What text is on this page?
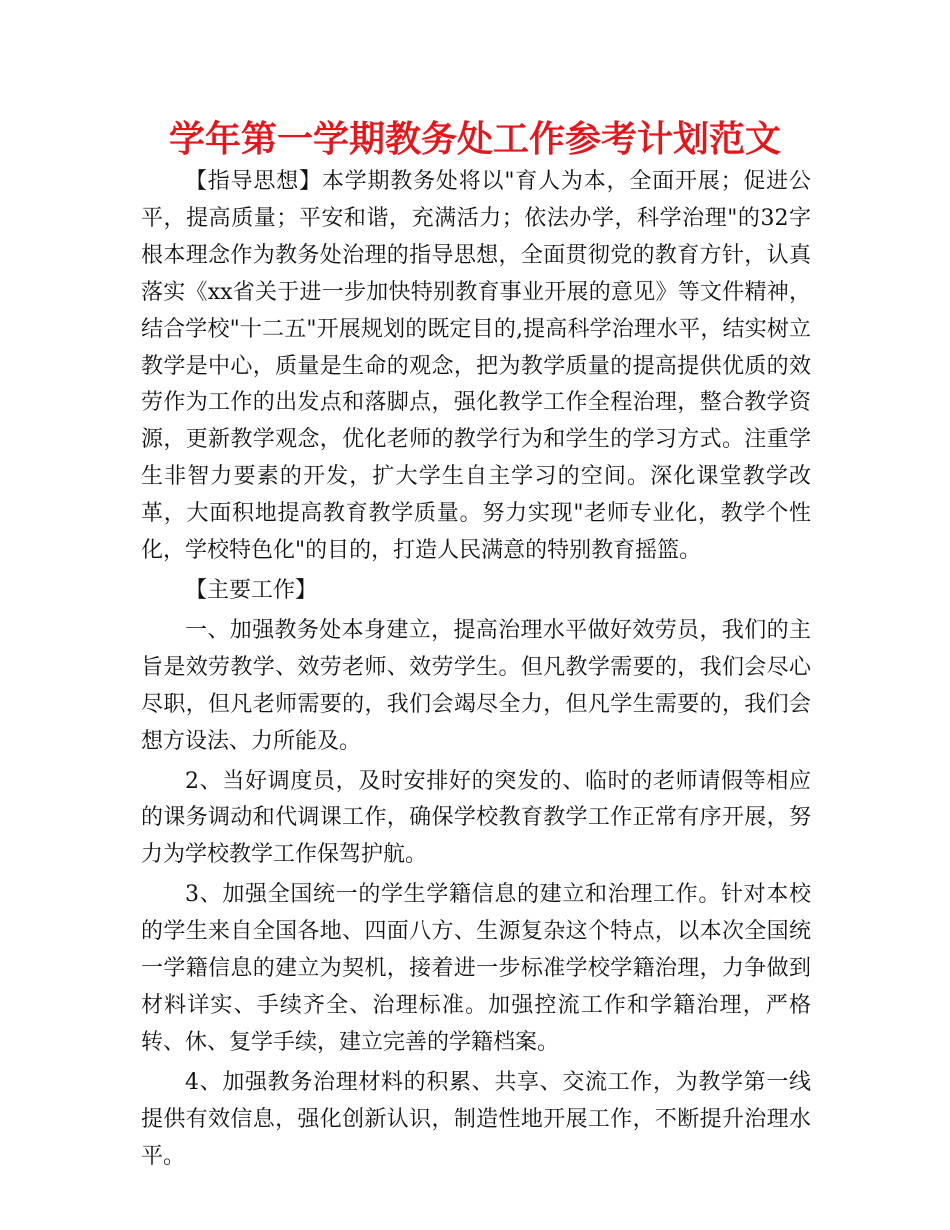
学年第一学期教务处工作参考计划范文

【指导思想】本学期教务处将以"育人为本，全面开展；促进公平，提高质量；平安和谐，充满活力；依法办学，科学治理"的32字根本理念作为教务处治理的指导思想，全面贯彻党的教育方针，认真落实《xx省关于进一步加快特别教育事业开展的意见》等文件精神，结合学校"十二五"开展规划的既定目的,提高科学治理水平，结实树立教学是中心，质量是生命的观念，把为教学质量的提高提供优质的效劳作为工作的出发点和落脚点，强化教学工作全程治理，整合教学资源，更新教学观念，优化老师的教学行为和学生的学习方式。注重学生非智力要素的开发，扩大学生自主学习的空间。深化课堂教学改革，大面积地提高教育教学质量。努力实现"老师专业化，教学个性化，学校特色化"的目的，打造人民满意的特别教育摇篮。

【主要工作】

一、加强教务处本身建立，提高治理水平做好效劳员，我们的主旨是效劳教学、效劳老师、效劳学生。但凡教学需要的，我们会尽心尽职，但凡老师需要的，我们会竭尽全力，但凡学生需要的，我们会想方设法、力所能及。

2、当好调度员，及时安排好的突发的、临时的老师请假等相应的课务调动和代调课工作，确保学校教育教学工作正常有序开展，努力为学校教学工作保驾护航。

3、加强全国统一的学生学籍信息的建立和治理工作。针对本校的学生来自全国各地、四面八方、生源复杂这个特点，以本次全国统一学籍信息的建立为契机，接着进一步标准学校学籍治理，力争做到材料详实、手续齐全、治理标准。加强控流工作和学籍治理，严格转、休、复学手续，建立完善的学籍档案。

4、加强教务治理材料的积累、共享、交流工作，为教学第一线提供有效信息，强化创新认识，制造性地开展工作，不断提升治理水平。
